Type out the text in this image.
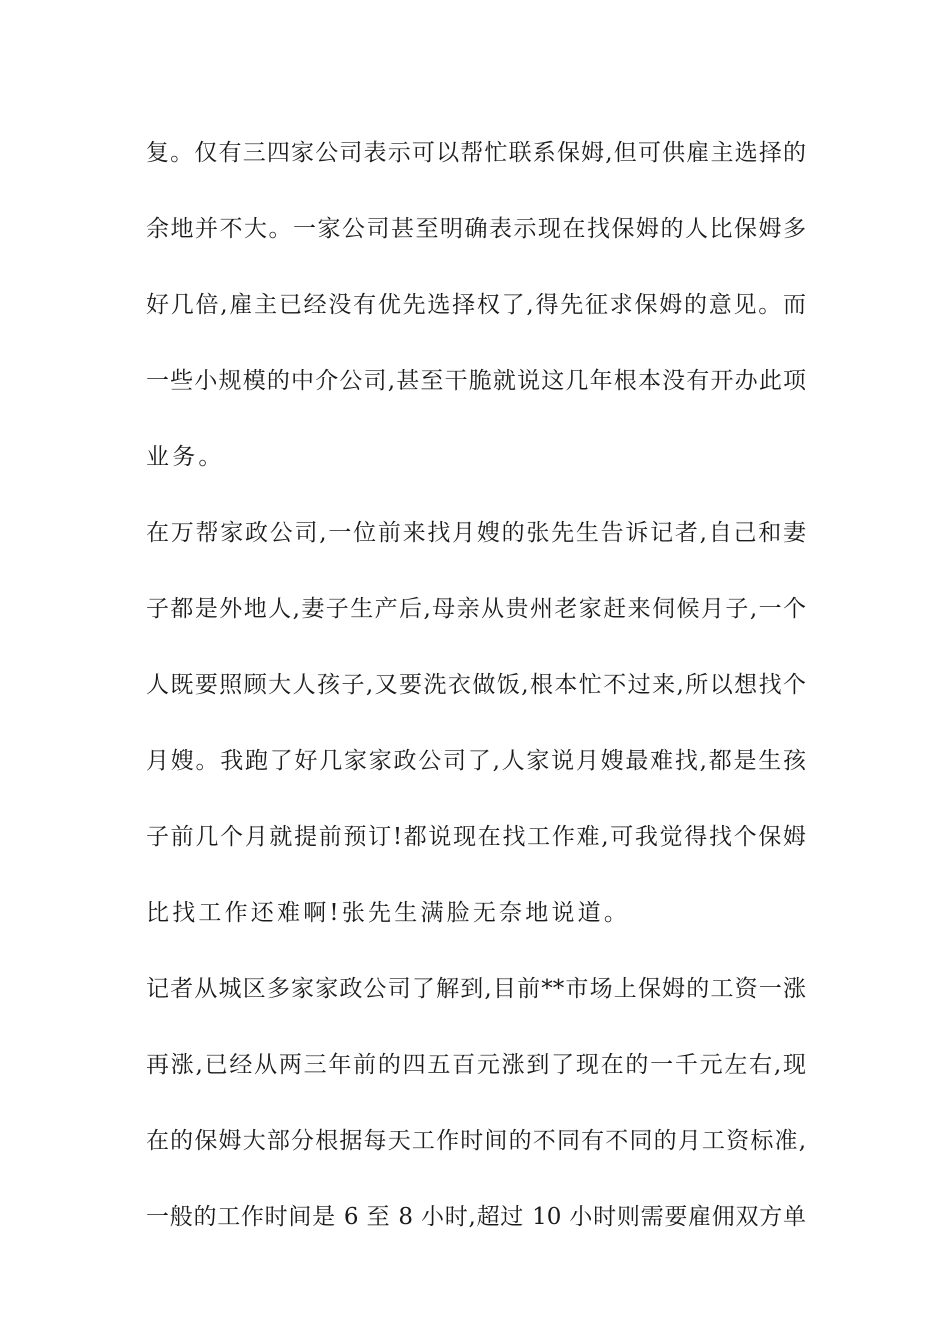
复。仅有三四家公司表示可以帮忙联系保姆,但可供雇主选择的
余地并不大。一家公司甚至明确表示现在找保姆的人比保姆多
好几倍,雇主已经没有优先选择权了,得先征求保姆的意见。而
一些小规模的中介公司,甚至干脆就说这几年根本没有开办此项
业务。
在万帮家政公司,一位前来找月嫂的张先生告诉记者,自己和妻
子都是外地人,妻子生产后,母亲从贵州老家赶来伺候月子,一个
人既要照顾大人孩子,又要洗衣做饭,根本忙不过来,所以想找个
月嫂。我跑了好几家家政公司了,人家说月嫂最难找,都是生孩
子前几个月就提前预订!都说现在找工作难,可我觉得找个保姆
比找工作还难啊!张先生满脸无奈地说道。
记者从城区多家家政公司了解到,目前**市场上保姆的工资一涨
再涨,已经从两三年前的四五百元涨到了现在的一千元左右,现
在的保姆大部分根据每天工作时间的不同有不同的月工资标准,
一般的工作时间是 6 至 8 小时,超过 10 小时则需要雇佣双方单
